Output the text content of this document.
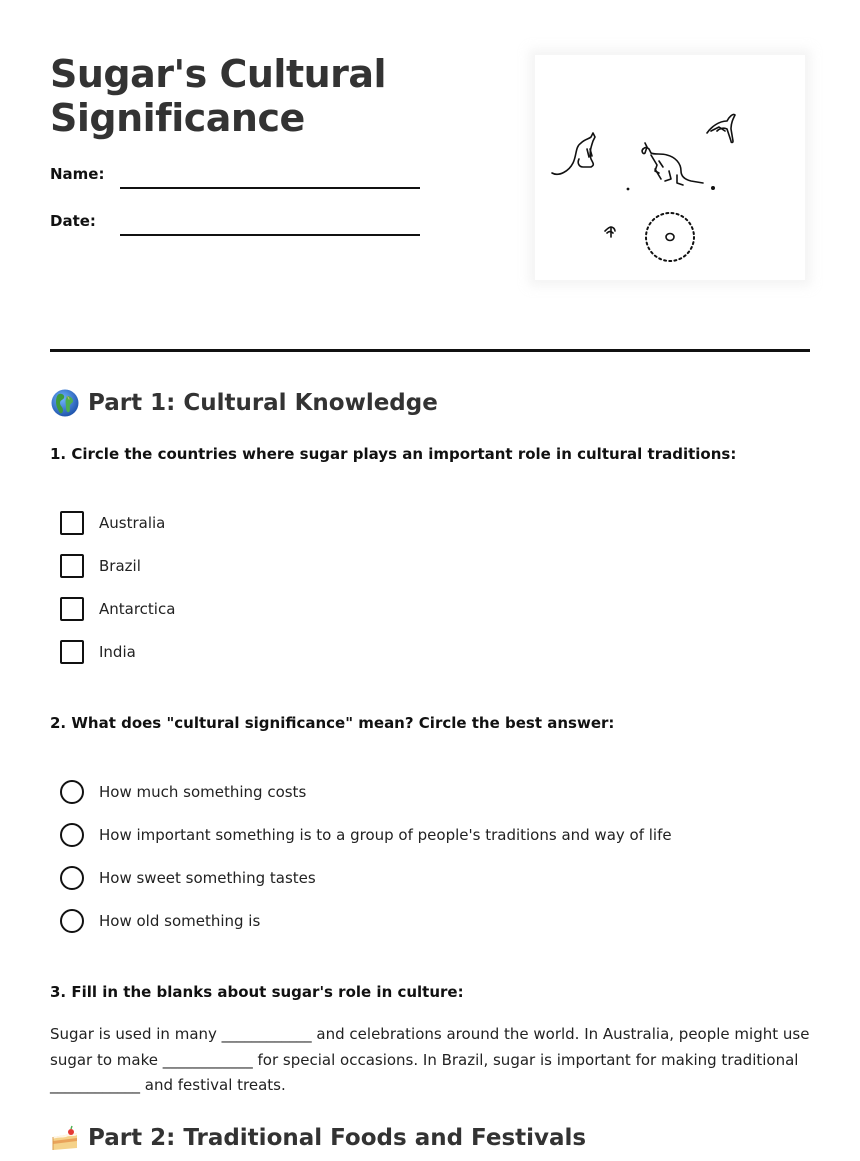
Sugar's Cultural Significance
Name:
Date:
Part 1: Cultural Knowledge
1. Circle the countries where sugar plays an important role in cultural traditions:
Australia
Brazil
Antarctica
India
2. What does "cultural significance" mean? Circle the best answer:
How much something costs
How important something is to a group of people's traditions and way of life
How sweet something tastes
How old something is
3. Fill in the blanks about sugar's role in culture:

Sugar is used in many ____________ and celebrations around the world. In Australia, people might use sugar to make ____________ for special occasions. In Brazil, sugar is important for making traditional ____________ and festival treats.

Part 2: Traditional Foods and Festivals
